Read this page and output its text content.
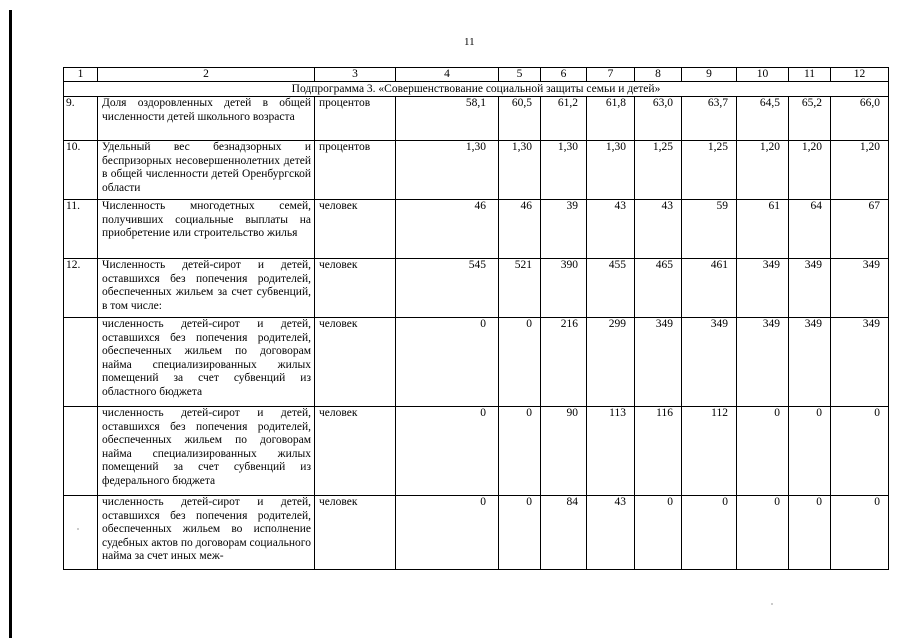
11
1	2	3	4	5	6	7	8	9	10	11	12
Подпрограмма 3. «Совершенствование социальной защиты семьи и детей»											
9.	Доля оздоровленных детей в общей численности детей школьного возраста	процентов	58,1	60,5	61,2	61,8	63,0	63,7	64,5	65,2	66,0
10.	Удельный вес безнадзорных и беспризорных несовершеннолетних детей в общей численности детей Оренбургской области	процентов	1,30	1,30	1,30	1,30	1,25	1,25	1,20	1,20	1,20
11.	Численность многодетных семей, получивших социальные выплаты на приобретение или строительство жилья	человек	46	46	39	43	43	59	61	64	67
12.	Численность детей-сирот и детей, оставшихся без попечения родителей, обеспеченных жильем за счет субвенций, в том числе:	человек	545	521	390	455	465	461	349	349	349
	численность детей-сирот и детей, оставшихся без попечения родителей, обеспеченных жильем по договорам найма специализированных жилых помещений за счет субвенций из областного бюджета	человек	0	0	216	299	349	349	349	349	349
	численность детей-сирот и детей, оставшихся без попечения родителей, обеспеченных жильем по договорам найма специализированных жилых помещений за счет субвенций из федерального бюджета	человек	0	0	90	113	116	112	0	0	0
	численность детей-сирот и детей, оставшихся без попечения родителей, обеспеченных жильем во исполнение судебных актов по договорам социального найма за счет иных меж-	человек	0	0	84	43	0	0	0	0	0
